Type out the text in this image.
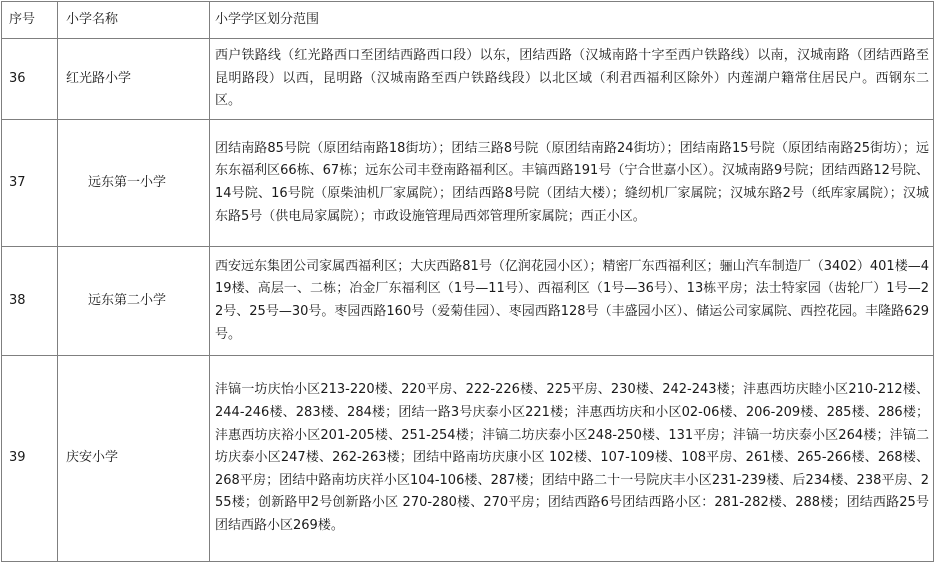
序号	小学名称	小学学区划分范围
36	红光路小学	西户铁路线（红光路西口至团结西路西口段）以东，团结西路（汉城南路十字至西户铁路线）以南，汉城南路（团结西路至昆明路段）以西，昆明路（汉城南路至西户铁路线段）以北区域（利君西福利区除外）内莲湖户籍常住居民户。西钢东二区。
37	远东第一小学	团结南路85号院（原团结南路18街坊）；团结三路8号院（原团结南路24街坊）；团结南路15号院（原团结南路25街坊）；远东东福利区66栋、67栋；远东公司丰登南路福利区。丰镐西路191号（宁合世嘉小区）。汉城南路9号院；团结西路12号院、14号院、16号院（原柴油机厂家属院）；团结西路8号院（团结大楼）；缝纫机厂家属院；汉城东路2号（纸库家属院）；汉城东路5号（供电局家属院）；市政设施管理局西郊管理所家属院；西正小区。
38	远东第二小学	西安远东集团公司家属西福利区；大庆西路81号（亿润花园小区）；精密厂东西福利区；骊山汽车制造厂（3402）401楼—419楼、高层一、二栋；冶金厂东福利区（1号—11号）、西福利区（1号—36号）、13栋平房；法士特家园（齿轮厂）1号—22号、25号—30号。枣园西路160号（爱菊佳园）、枣园西路128号（丰盛园小区）、储运公司家属院、西控花园。丰隆路629号。
39	庆安小学	沣镐一坊庆怡小区213-220楼、220平房、222-226楼、225平房、230楼、242-243楼；沣惠西坊庆睦小区210-212楼、244-246楼、283楼、284楼；团结一路3号庆泰小区221楼；沣惠西坊庆和小区02-06楼、206-209楼、285楼、286楼；沣惠西坊庆裕小区201-205楼、251-254楼；沣镐二坊庆泰小区248-250楼、131平房；沣镐一坊庆泰小区264楼；沣镐二坊庆泰小区247楼、262-263楼；团结中路南坊庆康小区 102楼、107-109楼、108平房、261楼、265-266楼、268楼、268平房；团结中路南坊庆祥小区104-106楼、287楼；团结中路二十一号院庆丰小区231-239楼、后234楼、238平房、255楼；创新路甲2号创新路小区 270-280楼、270平房；团结西路6号团结西路小区：281-282楼、288楼；团结西路25号团结西路小区269楼。
